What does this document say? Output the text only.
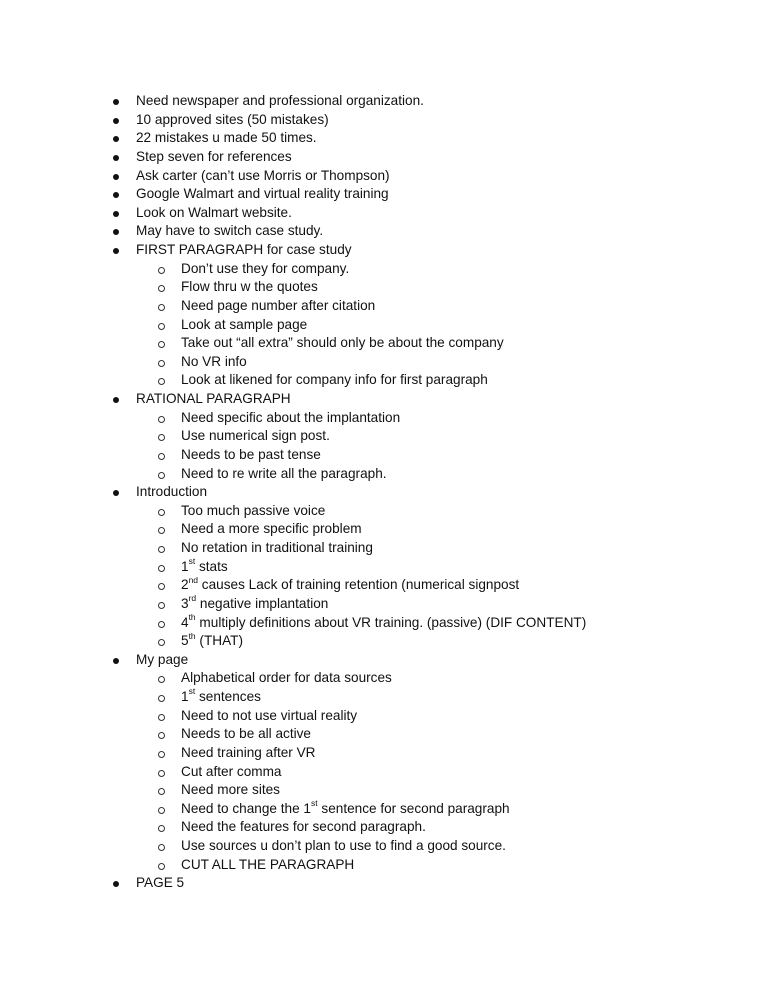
Need newspaper and professional organization.
10 approved sites (50 mistakes)
22 mistakes u made 50 times.
Step seven for references
Ask carter (can’t use Morris or Thompson)
Google Walmart and virtual reality training
Look on Walmart website.
May have to switch case study.
FIRST PARAGRAPH for case study
Don’t use they for company.
Flow thru w the quotes
Need page number after citation
Look at sample page
Take out “all extra” should only be about the company
No VR info
Look at likened for company info for first paragraph
RATIONAL PARAGRAPH
Need specific about the implantation
Use numerical sign post.
Needs to be past tense
Need to re write all the paragraph.
Introduction
Too much passive voice
Need a more specific problem
No retation in traditional training
1st stats
2nd causes Lack of training retention (numerical signpost
3rd negative implantation
4th multiply definitions about VR training. (passive) (DIF CONTENT)
5th (THAT)
My page
Alphabetical order for data sources
1st sentences
Need to not use virtual reality
Needs to be all active
Need training after VR
Cut after comma
Need more sites
Need to change the 1st sentence for second paragraph
Need the features for second paragraph.
Use sources u don’t plan to use to find a good source.
CUT ALL THE PARAGRAPH
PAGE 5
